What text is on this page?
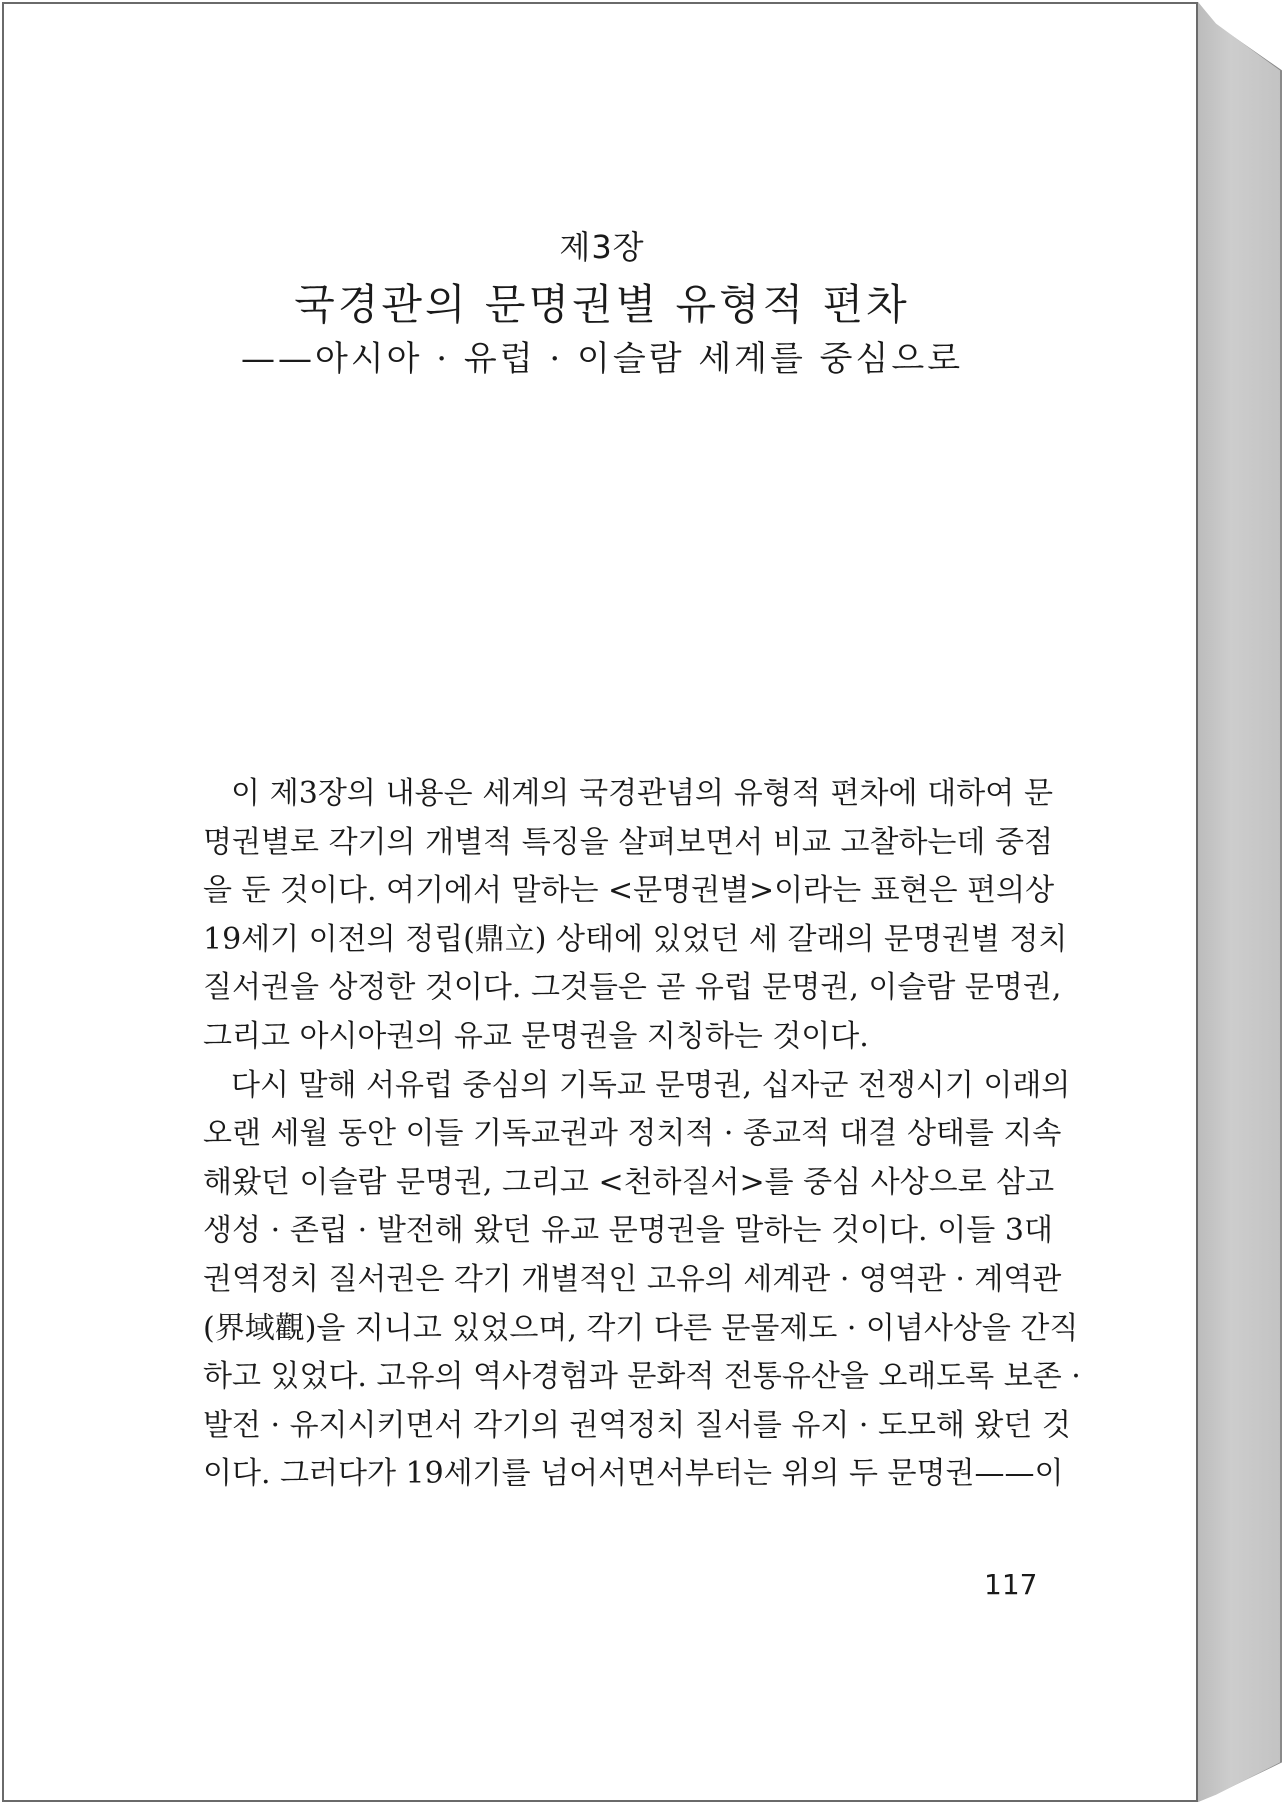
제3장
국경관의 문명권별 유형적 편차
——아시아 · 유럽 · 이슬람 세계를 중심으로
이 제3장의 내용은 세계의 국경관념의 유형적 편차에 대하여 문
명권별로 각기의 개별적 특징을 살펴보면서 비교 고찰하는데 중점
을 둔 것이다. 여기에서 말하는 <문명권별>이라는 표현은 편의상
19세기 이전의 정립(鼎立) 상태에 있었던 세 갈래의 문명권별 정치
질서권을 상정한 것이다. 그것들은 곧 유럽 문명권, 이슬람 문명권,
그리고 아시아권의 유교 문명권을 지칭하는 것이다.
다시 말해 서유럽 중심의 기독교 문명권, 십자군 전쟁시기 이래의
오랜 세월 동안 이들 기독교권과 정치적 · 종교적 대결 상태를 지속
해왔던 이슬람 문명권, 그리고 <천하질서>를 중심 사상으로 삼고
생성 · 존립 · 발전해 왔던 유교 문명권을 말하는 것이다. 이들 3대
권역정치 질서권은 각기 개별적인 고유의 세계관 · 영역관 · 계역관
(界域觀)을 지니고 있었으며, 각기 다른 문물제도 · 이념사상을 간직
하고 있었다. 고유의 역사경험과 문화적 전통유산을 오래도록 보존 ·
발전 · 유지시키면서 각기의 권역정치 질서를 유지 · 도모해 왔던 것
이다. 그러다가 19세기를 넘어서면서부터는 위의 두 문명권——이
117
